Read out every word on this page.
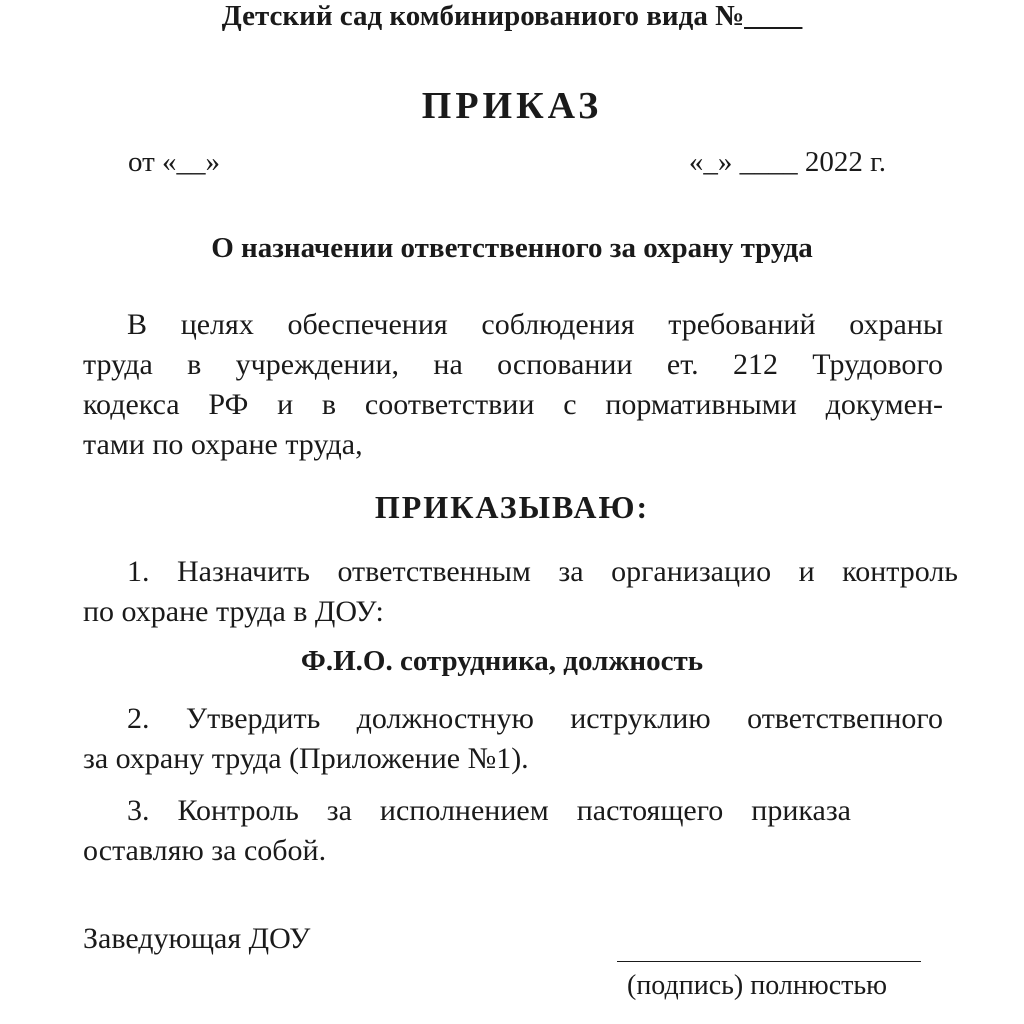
Детский сад комбинированиого вида №____
ПРИКАЗ
от «__»	«_» ____ 2022 г.
О назначении ответственного за охрану труда
В целях обеспечения соблюдения требований охраны
труда в учреждении, на осповании ет. 212 Трудового
кодекса РФ и в соответствии с пормативными докумен-
тами по охране труда,
ПРИКАЗЫВАЮ:
1. Назначить ответственным за организацио и контроль
по охране труда в ДОУ:
Ф.И.О. сотрудника, должность
2. Утвердить должностную иструклию ответствепного
за охрану труда (Приложение №1).
3. Контроль за исполнением пастоящего приказа
оставляю за собой.
Заведующая ДОУ
(подпись) полнюстью
